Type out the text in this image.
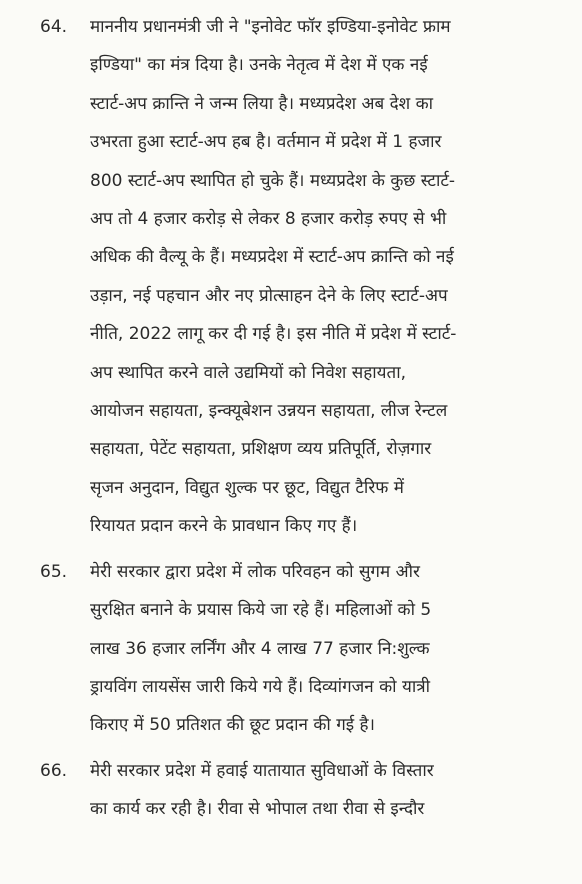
64.	माननीय प्रधानमंत्री जी ने "इनोवेट फॉर इण्डिया-इनोवेट फ्राम
इण्डिया" का मंत्र दिया है। उनके नेतृत्व में देश में एक नई
स्टार्ट-अप क्रान्ति ने जन्म लिया है। मध्यप्रदेश अब देश का
उभरता हुआ स्टार्ट-अप हब है। वर्तमान में प्रदेश में 1 हजार
800 स्टार्ट-अप स्थापित हो चुके हैं। मध्यप्रदेश के कुछ स्टार्ट-
अप तो 4 हजार करोड़ से लेकर 8 हजार करोड़ रुपए से भी
अधिक की वैल्यू के हैं। मध्यप्रदेश में स्टार्ट-अप क्रान्ति को नई
उड़ान, नई पहचान और नए प्रोत्साहन देने के लिए स्टार्ट-अप
नीति, 2022 लागू कर दी गई है। इस नीति में प्रदेश में स्टार्ट-
अप स्थापित करने वाले उद्यमियों को निवेश सहायता,
आयोजन सहायता, इन्क्यूबेशन उन्नयन सहायता, लीज रेन्टल
सहायता, पेटेंट सहायता, प्रशिक्षण व्यय प्रतिपूर्ति, रोज़गार
सृजन अनुदान, विद्युत शुल्क पर छूट, विद्युत टैरिफ में
रियायत प्रदान करने के प्रावधान किए गए हैं।
65.	मेरी सरकार द्वारा प्रदेश में लोक परिवहन को सुगम और
सुरक्षित बनाने के प्रयास किये जा रहे हैं। महिलाओं को 5
लाख 36 हजार लर्निंग और 4 लाख 77 हजार नि:शुल्क
ड्रायविंग लायसेंस जारी किये गये हैं। दिव्यांगजन को यात्री
किराए में 50 प्रतिशत की छूट प्रदान की गई है।
66.	मेरी सरकार प्रदेश में हवाई यातायात सुविधाओं के विस्तार
का कार्य कर रही है। रीवा से भोपाल तथा रीवा से इन्दौर
